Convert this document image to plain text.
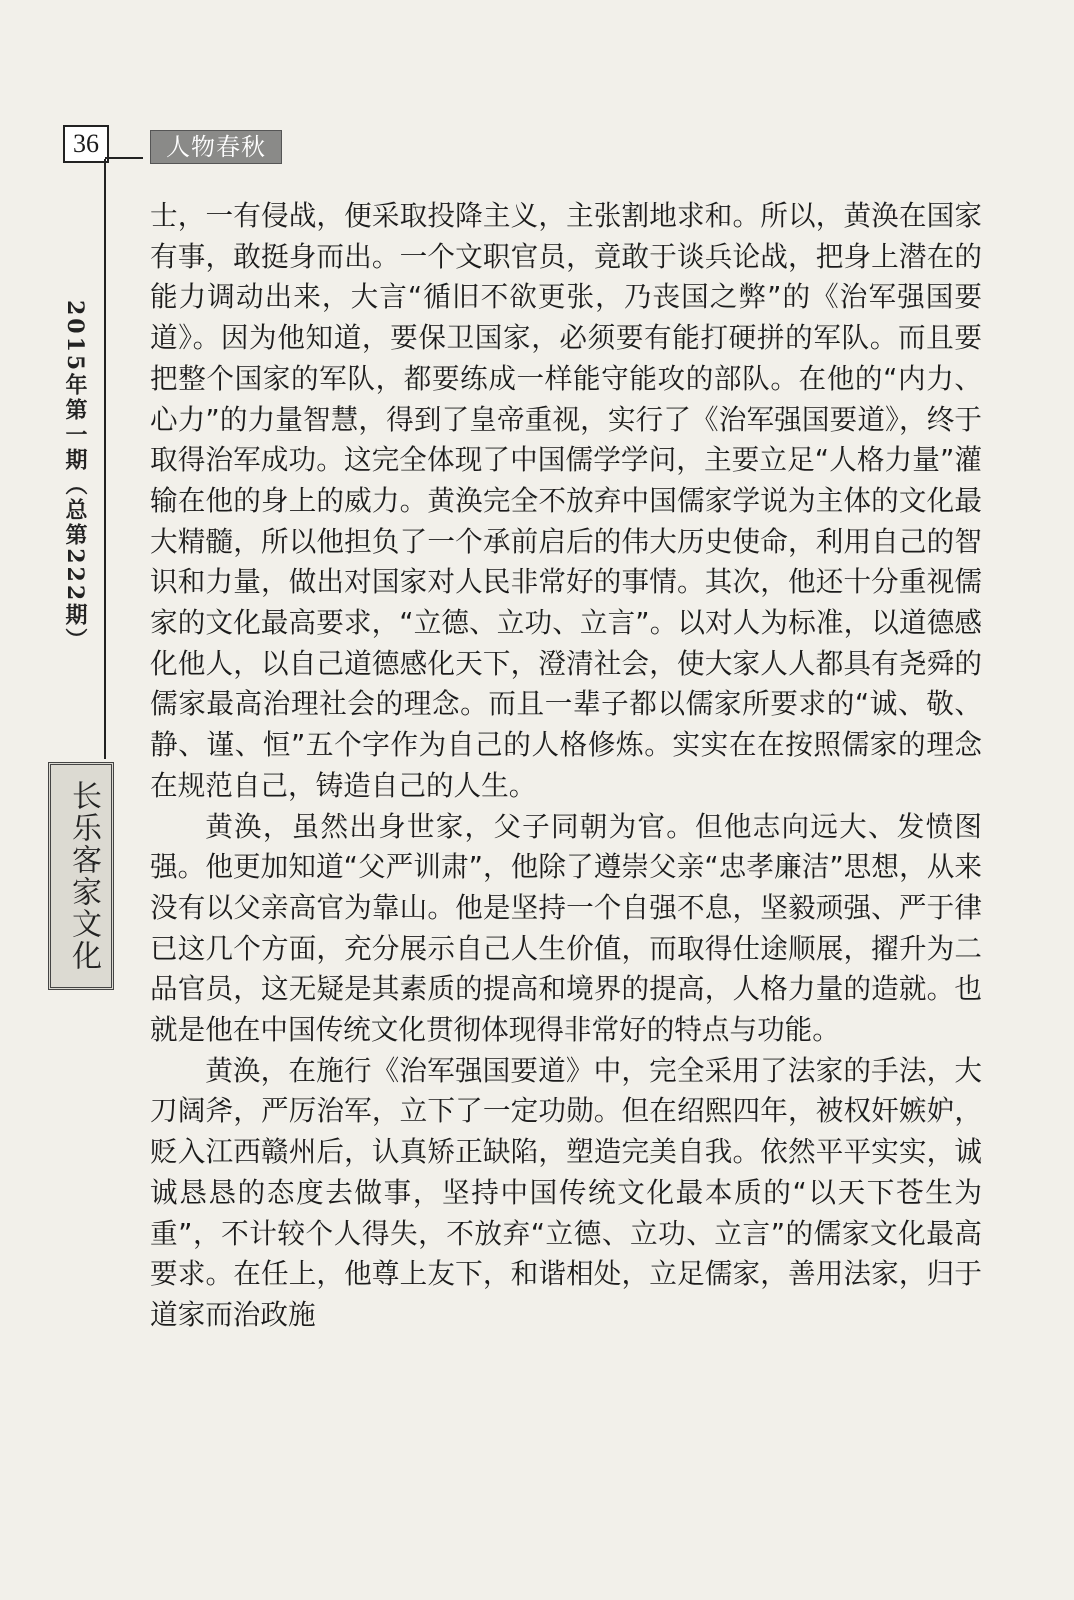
36	人物春秋
2015年第一期（总第222期）
长乐客家文化

士，一有侵战，便采取投降主义，主张割地求和。所以，黄涣在国家有事，敢挺身而出。一个文职官员，竟敢于谈兵论战，把身上潜在的能力调动出来，大言“循旧不欲更张，乃丧国之弊”的《治军强国要道》。因为他知道，要保卫国家，必须要有能打硬拼的军队。而且要把整个国家的军队，都要练成一样能守能攻的部队。在他的“内力、心力”的力量智慧，得到了皇帝重视，实行了《治军强国要道》，终于取得治军成功。这完全体现了中国儒学学问，主要立足“人格力量”灌输在他的身上的威力。黄涣完全不放弃中国儒家学说为主体的文化最大精髓，所以他担负了一个承前启后的伟大历史使命，利用自己的智识和力量，做出对国家对人民非常好的事情。其次，他还十分重视儒家的文化最高要求，“立德、立功、立言”。以对人为标准，以道德感化他人，以自己道德感化天下，澄清社会，使大家人人都具有尧舜的儒家最高治理社会的理念。而且一辈子都以儒家所要求的“诚、敬、静、谨、恒”五个字作为自己的人格修炼。实实在在按照儒家的理念在规范自己，铸造自己的人生。

黄涣，虽然出身世家，父子同朝为官。但他志向远大、发愤图强。他更加知道“父严训肃”，他除了遵崇父亲“忠孝廉洁”思想，从来没有以父亲高官为靠山。他是坚持一个自强不息，坚毅顽强、严于律已这几个方面，充分展示自己人生价值，而取得仕途顺展，擢升为二品官员，这无疑是其素质的提高和境界的提高，人格力量的造就。也就是他在中国传统文化贯彻体现得非常好的特点与功能。

黄涣，在施行《治军强国要道》中，完全采用了法家的手法，大刀阔斧，严厉治军，立下了一定功勋。但在绍熙四年，被权奸嫉妒，贬入江西赣州后，认真矫正缺陷，塑造完美自我。依然平平实实，诚诚恳恳的态度去做事，坚持中国传统文化最本质的“以天下苍生为重”，不计较个人得失，不放弃“立德、立功、立言”的儒家文化最高要求。在任上，他尊上友下，和谐相处，立足儒家，善用法家，归于道家而治政施
